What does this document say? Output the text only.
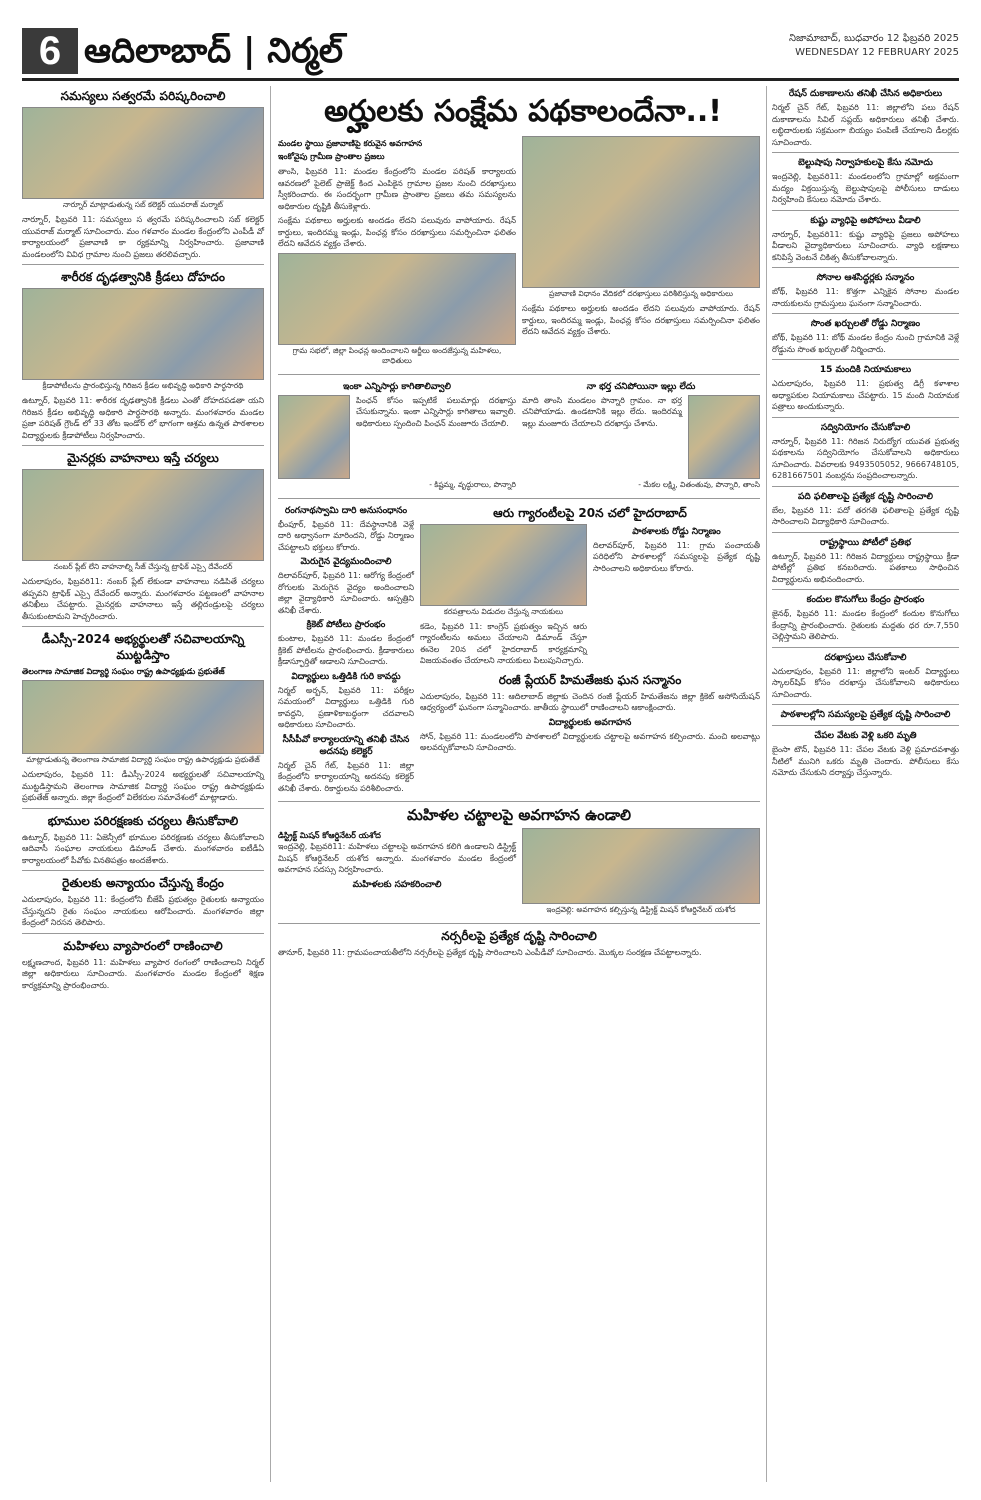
6 ఆదిలాబాద్ | నిర్మల్	నిజామాబాద్, బుధవారం 12 ఫిబ్రవరి 2025
WEDNESDAY 12 FEBRUARY 2025
సమస్యలు సత్వరమే పరిష్కరించాలి
నార్నూర్ మాట్లాడుతున్న సబ్ కలెక్టర్ యువరాజ్ మర్మాట్
నార్నూర్, ఫిబ్రవరి 11: సమస్యలు స త్వరమే పరిష్కరించాలని సబ్ కలెక్టర్ యువరాజ్ మర్మాట్ సూచించారు. మం గళవారం మండల కేంద్రంలోని ఎంపీడీ వో కార్యాలయంలో ప్రజావాణి కా ర్యక్రమాన్ని నిర్వహించారు. ప్రజావాణి మండలంలోని వివిధ గ్రామాల నుంచి ప్రజలు తరలివచ్చారు.
శారీరక దృఢత్వానికి క్రీడలు దోహదం
క్రీడాపోటీలను ప్రారంభిస్తున్న గిరిజన క్రీడల అభివృద్ధి అధికారి పార్థసారథి
ఉట్నూర్, ఫిబ్రవరి 11: శారీరక దృఢత్వానికి క్రీడలు ఎంతో దోహదపడతా యని గిరిజన క్రీడల అభివృద్ధి అధికారి పార్థసారథి అన్నారు. మంగళవారం మండల ప్రజా పరిషత్ గ్రౌండ్ లో 33 తోట ఇండోర్ లో భాగంగా ఆశ్రమ ఉన్నత పాఠశాలల విద్యార్థులకు క్రీడాపోటీలు నిర్వహించారు.
మైనర్లకు వాహనాలు ఇస్తే చర్యలు
నంబర్ ప్లేట్ లేని వాహనాల్ని సీజ్ చేస్తున్న ట్రాఫిక్ ఎస్సై దేవేందర్
ఎదులాపురం, ఫిబ్రవరి11: నంబర్ ప్లేట్ లేకుండా వాహనాలు నడిపితే చర్యలు తప్పవని ట్రాఫిక్ ఎస్సై దేవేందర్ అన్నారు. మంగళవారం పట్టణంలో వాహనాల తనిఖీలు చేపట్టారు. మైనర్లకు వాహనాలు ఇస్తే తల్లిదండ్రులపై చర్యలు తీసుకుంటామని హెచ్చరించారు.
డీఎస్సీ-2024 అభ్యర్థులతో సచివాలయాన్ని ముట్టడిస్తాం
తెలంగాణ సామాజిక విద్యార్థి సంఘం రాష్ట్ర ఉపాధ్యక్షుడు ప్రభుతేజ్
మాట్లాడుతున్న తెలంగాణ సామాజిక విద్యార్థి సంఘం రాష్ట్ర ఉపాధ్యక్షుడు ప్రభుతేజ్
ఎదులాపురం, ఫిబ్రవరి 11: డీఎస్సీ-2024 అభ్యర్థులతో సచివాలయాన్ని ముట్టడిస్తామని తెలంగాణ సామాజిక విద్యార్థి సంఘం రాష్ట్ర ఉపాధ్యక్షుడు ప్రభుతేజ్ అన్నారు. జిల్లా కేంద్రంలో విలేకరుల సమావేశంలో మాట్లాడారు.
భూముల పరిరక్షణకు చర్యలు తీసుకోవాలి
ఉట్నూర్, ఫిబ్రవరి 11: ఏజెన్సీలో భూముల పరిరక్షణకు చర్యలు తీసుకోవాలని ఆదివాసీ సంఘాల నాయకులు డిమాండ్ చేశారు. మంగళవారం ఐటీడీఏ కార్యాలయంలో పీవోకు వినతిపత్రం అందజేశారు.
రైతులకు అన్యాయం చేస్తున్న కేంద్రం
ఎదులాపురం, ఫిబ్రవరి 11: కేంద్రంలోని బీజేపీ ప్రభుత్వం రైతులకు అన్యాయం చేస్తున్నదని రైతు సంఘం నాయకులు ఆరోపించారు. మంగళవారం జిల్లా కేంద్రంలో నిరసన తెలిపారు.
మహిళలు వ్యాపారంలో రాణించాలి
లక్ష్మణచాంద, ఫిబ్రవరి 11: మహిళలు వ్యాపార రంగంలో రాణించాలని నిర్మల్ జిల్లా అధికారులు సూచించారు. మంగళవారం మండల కేంద్రంలో శిక్షణ కార్యక్రమాన్ని ప్రారంభించారు.
అర్హులకు సంక్షేమ పథకాలందేనా..!
మండల స్థాయి ప్రజావాణిపై కరువైన అవగాహన
ఇంకోవైపు గ్రామీణ ప్రాంతాల ప్రజలు
తాంసి, ఫిబ్రవరి 11: మండల కేంద్రంలోని మండల పరిషత్ కార్యాలయ ఆవరణలో పైలెట్ ప్రాజెక్ట్ కింద ఎంపికైన గ్రామాల ప్రజల నుంచి దరఖాస్తులు స్వీకరించారు. ఈ సందర్భంగా గ్రామీణ ప్రాంతాల ప్రజలు తమ సమస్యలను అధికారుల దృష్టికి తీసుకెళ్లారు.
సంక్షేమ పథకాలు అర్హులకు అందడం లేదని పలువురు వాపోయారు. రేషన్ కార్డులు, ఇందిరమ్మ ఇండ్లు, పింఛన్ల కోసం దరఖాస్తులు సమర్పించినా ఫలితం లేదని ఆవేదన వ్యక్తం చేశారు.
గ్రామ సభలో, జిల్లా పింఛన్ల అందించాలని అర్జీలు అందజేస్తున్న మహిళలు, బాధితులు
ప్రజావాణి విధానం వేదికలో దరఖాస్తులు పరిశీలిస్తున్న అధికారులు
సంక్షేమ పథకాలు అర్హులకు అందడం లేదని పలువురు వాపోయారు. రేషన్ కార్డులు, ఇందిరమ్మ ఇండ్లు, పింఛన్ల కోసం దరఖాస్తులు సమర్పించినా ఫలితం లేదని ఆవేదన వ్యక్తం చేశారు.
ఇంకా ఎన్నిసార్లు కాగితాలివ్వాలి
పింఛన్ కోసం ఇప్పటికే పలుమార్లు దరఖాస్తు చేసుకున్నాను. ఇంకా ఎన్నిసార్లు కాగితాలు ఇవ్వాలి. అధికారులు స్పందించి పింఛన్ మంజూరు చేయాలి.
- కిష్టమ్మ, వృద్ధురాలు, పొన్నారి
నా భర్త చనిపోయినా ఇల్లు లేదు
మాది తాంసి మండలం పొన్నారి గ్రామం. నా భర్త చనిపోయాడు. ఉండటానికి ఇల్లు లేదు. ఇందిరమ్మ ఇల్లు మంజూరు చేయాలని దరఖాస్తు చేశాను.
- మేకల లక్ష్మి, వితంతువు, పొన్నారి, తాంసి
రంగనాథస్వామి దారి అనుసంధానం
భీంపూర్, ఫిబ్రవరి 11: దేవస్థానానికి వెళ్లే దారి అధ్వానంగా మారిందని, రోడ్డు నిర్మాణం చేపట్టాలని భక్తులు కోరారు.
మెరుగైన వైద్యమందించాలి
దిలావర్‌పూర్, ఫిబ్రవరి 11: ఆరోగ్య కేంద్రంలో రోగులకు మెరుగైన వైద్యం అందించాలని జిల్లా వైద్యాధికారి సూచించారు. ఆస్పత్రిని తనిఖీ చేశారు.
క్రికెట్ పోటీలు ప్రారంభం
కుంటాల, ఫిబ్రవరి 11: మండల కేంద్రంలో క్రికెట్ పోటీలను ప్రారంభించారు. క్రీడాకారులు క్రీడాస్ఫూర్తితో ఆడాలని సూచించారు.
విద్యార్థులు ఒత్తిడికి గురి కావద్దు
నిర్మల్ అర్బన్, ఫిబ్రవరి 11: పరీక్షల సమయంలో విద్యార్థులు ఒత్తిడికి గురి కావద్దని, ప్రణాళికాబద్ధంగా చదవాలని అధికారులు సూచించారు.
సీసీపీవో కార్యాలయాన్ని తనిఖీ చేసిన అదనపు కలెక్టర్
నిర్మల్ చైన్ గేట్, ఫిబ్రవరి 11: జిల్లా కేంద్రంలోని కార్యాలయాన్ని అదనపు కలెక్టర్ తనిఖీ చేశారు. రికార్డులను పరిశీలించారు.
ఆరు గ్యారంటీలపై 20న చలో హైదరాబాద్
కరపత్రాలను విడుదల చేస్తున్న నాయకులు
కడెం, ఫిబ్రవరి 11: కాంగ్రెస్ ప్రభుత్వం ఇచ్చిన ఆరు గ్యారంటీలను అమలు చేయాలని డిమాండ్ చేస్తూ ఈనెల 20న చలో హైదరాబాద్ కార్యక్రమాన్ని విజయవంతం చేయాలని నాయకులు పిలుపునిచ్చారు.
పాఠశాలకు రోడ్డు నిర్మాణం
దిలావర్‌పూర్, ఫిబ్రవరి 11: గ్రామ పంచాయతీ పరిధిలోని పాఠశాలల్లో సమస్యలపై ప్రత్యేక దృష్టి సారించాలని అధికారులు కోరారు.
రంజీ ప్లేయర్ హిమతేజకు ఘన సన్మానం
ఎదులాపురం, ఫిబ్రవరి 11: ఆదిలాబాద్ జిల్లాకు చెందిన రంజీ ప్లేయర్ హిమతేజను జిల్లా క్రికెట్ అసోసియేషన్ ఆధ్వర్యంలో ఘనంగా సన్మానించారు. జాతీయ స్థాయిలో రాణించాలని ఆకాంక్షించారు.
విద్యార్థులకు అవగాహన
సోన్, ఫిబ్రవరి 11: మండలంలోని పాఠశాలలో విద్యార్థులకు చట్టాలపై అవగాహన కల్పించారు. మంచి అలవాట్లు అలవర్చుకోవాలని సూచించారు.
మహిళల చట్టాలపై అవగాహన ఉండాలి
డిస్ట్రిక్ట్ మిషన్ కోఆర్డినేటర్ యశోద
ఇంద్రవెల్లి, ఫిబ్రవరి11: మహిళలు చట్టాలపై అవగాహన కలిగి ఉండాలని డిస్ట్రిక్ట్ మిషన్ కోఆర్డినేటర్ యశోద అన్నారు. మంగళవారం మండల కేంద్రంలో అవగాహన సదస్సు నిర్వహించారు.
మహిళలకు సహకరించాలి
ఇంద్రవెల్లి: అవగాహన కల్పిస్తున్న డిస్ట్రిక్ట్ మిషన్ కోఆర్డినేటర్ యశోద
నర్సరీలపై ప్రత్యేక దృష్టి సారించాలి
తానూర్, ఫిబ్రవరి 11: గ్రామపంచాయతీలోని నర్సరీలపై ప్రత్యేక దృష్టి సారించాలని ఎంపీడీవో సూచించారు. మొక్కల సంరక్షణ చేపట్టాలన్నారు.
రేషన్ దుకాణాలను తనిఖీ చేసిన అధికారులు
నిర్మల్ చైన్ గేట్, ఫిబ్రవరి 11: జిల్లాలోని పలు రేషన్ దుకాణాలను సివిల్ సప్లయ్ అధికారులు తనిఖీ చేశారు. లబ్ధిదారులకు సక్రమంగా బియ్యం పంపిణీ చేయాలని డీలర్లకు సూచించారు.
బెల్టుషాపు నిర్వాహకులపై కేసు నమోదు
ఇంద్రవెల్లి, ఫిబ్రవరి11: మండలంలోని గ్రామాల్లో అక్రమంగా మద్యం విక్రయిస్తున్న బెల్టుషాపులపై పోలీసులు దాడులు నిర్వహించి కేసులు నమోదు చేశారు.
కుష్టు వ్యాధిపై అపోహలు వీడాలి
నార్నూర్, ఫిబ్రవరి11: కుష్టు వ్యాధిపై ప్రజలు అపోహలు వీడాలని వైద్యాధికారులు సూచించారు. వ్యాధి లక్షణాలు కనిపిస్తే వెంటనే చికిత్స తీసుకోవాలన్నారు.
సోనాల ఆశసిద్ధర్లకు సన్మానం
బోథ్, ఫిబ్రవరి 11: కొత్తగా ఎన్నికైన సోనాల మండల నాయకులను గ్రామస్తులు ఘనంగా సన్మానించారు.
సొంత ఖర్చులతో రోడ్డు నిర్మాణం
బోథ్, ఫిబ్రవరి 11: బోథ్ మండల కేంద్రం నుంచి గ్రామానికి వెళ్లే రోడ్డును సొంత ఖర్చులతో నిర్మించారు.
15 మందికి నియామకాలు
ఎదులాపురం, ఫిబ్రవరి 11: ప్రభుత్వ డిగ్రీ కళాశాల అధ్యాపకుల నియామకాలు చేపట్టారు. 15 మంది నియామక పత్రాలు అందుకున్నారు.
సద్వినియోగం చేసుకోవాలి
నార్నూర్, ఫిబ్రవరి 11: గిరిజన నిరుద్యోగ యువత ప్రభుత్వ పథకాలను సద్వినియోగం చేసుకోవాలని అధికారులు సూచించారు. వివరాలకు 9493505052, 9666748105, 6281667501 నంబర్లను సంప్రదించాలన్నారు.
పది ఫలితాలపై ప్రత్యేక దృష్టి సారించాలి
బేల, ఫిబ్రవరి 11: పదో తరగతి ఫలితాలపై ప్రత్యేక దృష్టి సారించాలని విద్యాధికారి సూచించారు.
రాష్ట్రస్థాయి పోటీలో ప్రతిభ
ఉట్నూర్, ఫిబ్రవరి 11: గిరిజన విద్యార్థులు రాష్ట్రస్థాయి క్రీడా పోటీల్లో ప్రతిభ కనబరిచారు. పతకాలు సాధించిన విద్యార్థులను అభినందించారు.
కందుల కొనుగోలు కేంద్రం ప్రారంభం
జైనథ్, ఫిబ్రవరి 11: మండల కేంద్రంలో కందుల కొనుగోలు కేంద్రాన్ని ప్రారంభించారు. రైతులకు మద్దతు ధర రూ.7,550 చెల్లిస్తామని తెలిపారు.
దరఖాస్తులు చేసుకోవాలి
ఎదులాపురం, ఫిబ్రవరి 11: జిల్లాలోని ఇంటర్ విద్యార్థులు స్కాలర్‌షిప్ కోసం దరఖాస్తు చేసుకోవాలని అధికారులు సూచించారు.
పాఠశాలల్లోని సమస్యలపై ప్రత్యేక దృష్టి సారించాలి
చేపల వేటకు వెళ్లి ఒకరి మృతి
బైంసా టౌన్, ఫిబ్రవరి 11: చేపల వేటకు వెళ్లి ప్రమాదవశాత్తు నీటిలో మునిగి ఒకరు మృతి చెందారు. పోలీసులు కేసు నమోదు చేసుకుని దర్యాప్తు చేస్తున్నారు.
